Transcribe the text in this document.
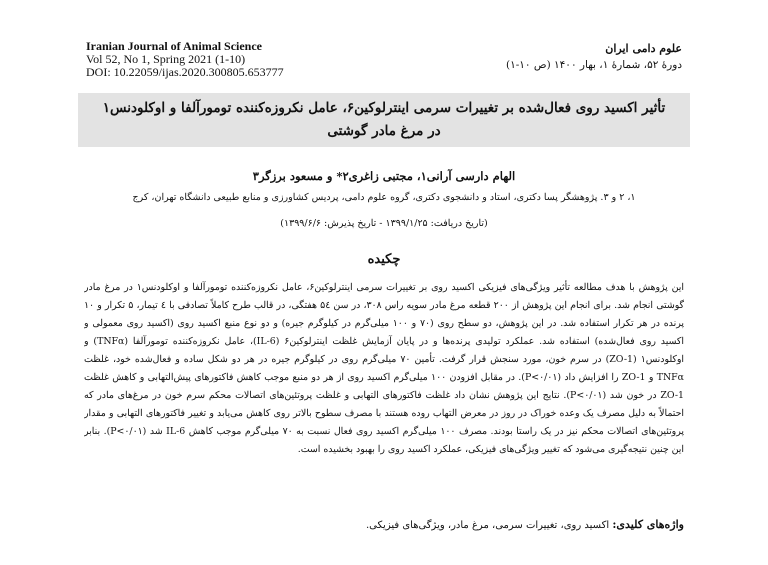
Iranian Journal of Animal Science
Vol 52, No 1, Spring 2021 (1-10)
DOI: 10.22059/ijas.2020.300805.653777
علوم دامی ایران
دورۀ ۵۲، شمارۀ ۱، بهار ۱۴۰۰ (ص ۱۰-۱)
تأثیر اکسید روی فعال‌شده بر تغییرات سرمی اینترلوکین۶، عامل نکروزه‌کننده تومورآلفا و اوکلودنس۱
در مرغ مادر گوشتی
الهام دارسی آرانی۱، مجتبی زاغری۲* و مسعود برزگر۳
۱، ۲ و ۳. پژوهشگر پسا دکتری، استاد و دانشجوی دکتری، گروه علوم دامی، پردیس کشاورزی و منابع طبیعی دانشگاه تهران، کرج
(تاریخ دریافت: ۱۳۹۹/۱/۲۵ - تاریخ پذیرش: ۱۳۹۹/۶/۶)
چکیده
این پژوهش با هدف مطالعه تأثیر ویژگی‌های فیزیکی اکسید روی بر تغییرات سرمی اینترلوکین۶، عامل نکروزه‌کننده تومورآلفا و اوکلودنس۱ در مرغ مادر گوشتی انجام شد. برای انجام این پژوهش از ۲۰۰ قطعه مرغ مادر سویه راس ۳۰۸، در سن ۵٤ هفتگی، در قالب طرح کاملاً تصادفی با ٤ تیمار، ۵ تکرار و ۱۰ پرنده در هر تکرار استفاده شد. در این پژوهش، دو سطح روی (۷۰ و ۱۰۰ میلی‌گرم در کیلوگرم جیره) و دو نوع منبع اکسید روی (اکسید روی معمولی و اکسید روی فعال‌شده) استفاده شد. عملکرد تولیدی پرنده‌ها و در پایان آزمایش غلظت اینترلوکین۶ (IL-6)، عامل نکروزه‌کننده تومورآلفا (TNFα) و اوکلودنس۱ (ZO-1) در سرم خون، مورد سنجش قرار گرفت. تأمین ۷۰ میلی‌گرم روی در کیلوگرم جیره در هر دو شکل ساده و فعال‌شده خود، غلظت TNFα و ZO-1 را افزایش داد (P<۰/۰۱). در مقابل افزودن ۱۰۰ میلی‌گرم اکسید روی از هر دو منبع موجب کاهش فاکتورهای پیش‌التهابی و کاهش غلظت ZO-1 در خون شد (P<۰/۰۱). نتایج این پژوهش نشان داد غلظت فاکتورهای التهابی و غلظت پروتئین‌های اتصالات محکم سرم خون در مرغ‌های مادر که احتمالاً به دلیل مصرف یک وعده خوراک در روز در معرض التهاب روده هستند با مصرف سطوح بالاتر روی کاهش می‌یابد و تغییر فاکتورهای التهابی و مقدار پروتئین‌های اتصالات محکم نیز در یک راستا بودند. مصرف ۱۰۰ میلی‌گرم اکسید روی فعال نسبت به ۷۰ میلی‌گرم موجب کاهش IL-6 شد (P<۰/۰۱). بنابر این چنین نتیجه‌گیری می‌شود که تغییر ویژگی‌های فیزیکی، عملکرد اکسید روی را بهبود بخشیده است.
واژه‌های کلیدی: اکسید روی، تغییرات سرمی، مرغ مادر، ویژگی‌های فیزیکی.
